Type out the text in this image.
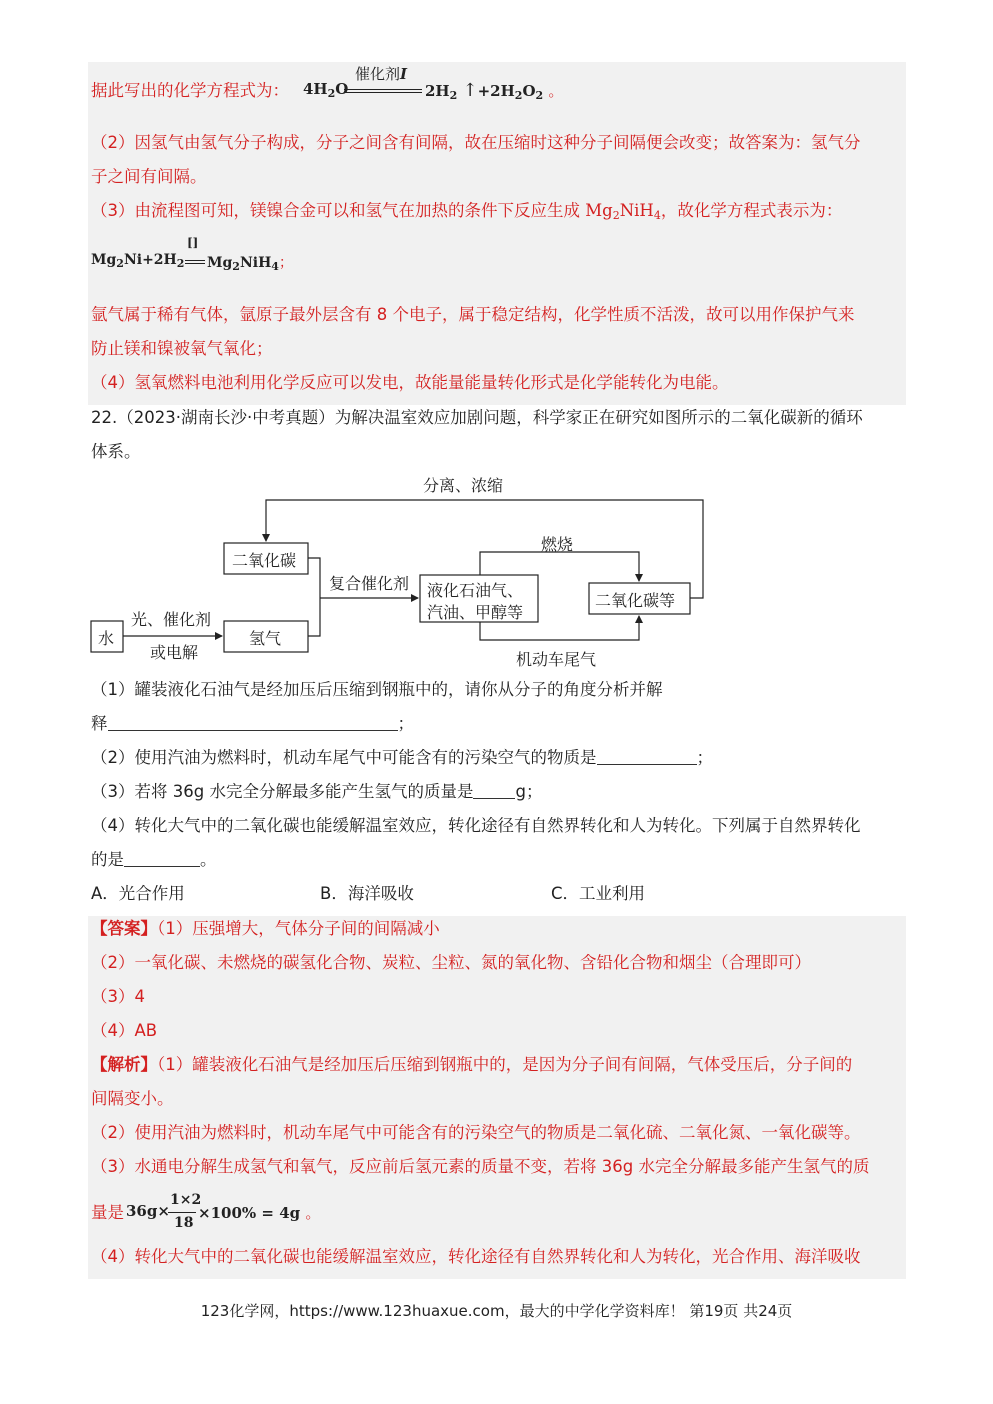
据此写出的化学方程式为： $4H_2O$
催化剂I
$2H_2$ $↑+2H_2O_2$ 。
（2）因氢气由氢气分子构成，分子之间含有间隔，故在压缩时这种分子间隔便会改变；故答案为：氢气分
子之间有间隔。
（3）由流程图可知，镁镍合金可以和氢气在加热的条件下反应生成 $Mg_2NiH_4$，故化学方程式表示为：
[]
$Mg_2Ni+2H_2$ $Mg_2NiH_4$；
氩气属于稀有气体，氩原子最外层含有 8 个电子，属于稳定结构，化学性质不活泼，故可以用作保护气来
防止镁和镍被氧气氧化；
（4）氢氧燃料电池利用化学反应可以发电，故能量能量转化形式是化学能转化为电能。
22.（2023·湖南长沙·中考真题）为解决温室效应加剧问题，科学家正在研究如图所示的二氧化碳新的循环
体系。
分离、浓缩
二氧化碳
水	氢气
光、催化剂
或电解
复合催化剂 液化石油气、
汽油、甲醇等
燃烧
机动车尾气
二氧化碳等
（1）罐装液化石油气是经加压后压缩到钢瓶中的，请你从分子的角度分析并解
释	；
（2）使用汽油为燃料时，机动车尾气中可能含有的污染空气的物质是	；
（3）若将 36g 水完全分解最多能产生氢气的质量是	g；
（4）转化大气中的二氧化碳也能缓解温室效应，转化途径有自然界转化和人为转化。下列属于自然界转化
的是	。
A．光合作用	B．海洋吸收	C．工业利用
【答案】（1）压强增大，气体分子间的间隔减小
（2）一氧化碳、未燃烧的碳氢化合物、炭粒、尘粒、氮的氧化物、含铅化合物和烟尘（合理即可）
（3）4
（4）AB
【解析】（1）罐装液化石油气是经加压后压缩到钢瓶中的，是因为分子间有间隔，气体受压后，分子间的
间隔变小。
（2）使用汽油为燃料时，机动车尾气中可能含有的污染空气的物质是二氧化硫、二氧化氮、一氧化碳等。
（3）水通电分解生成氢气和氧气，反应前后氢元素的质量不变，若将 36g 水完全分解最多能产生氢气的质
量是 36g×
1×2
18
×100% = 4g 。
（4）转化大气中的二氧化碳也能缓解温室效应，转化途径有自然界转化和人为转化，光合作用、海洋吸收
123化学网，https://www.123huaxue.com，最大的中学化学资料库！ 第19页 共24页
